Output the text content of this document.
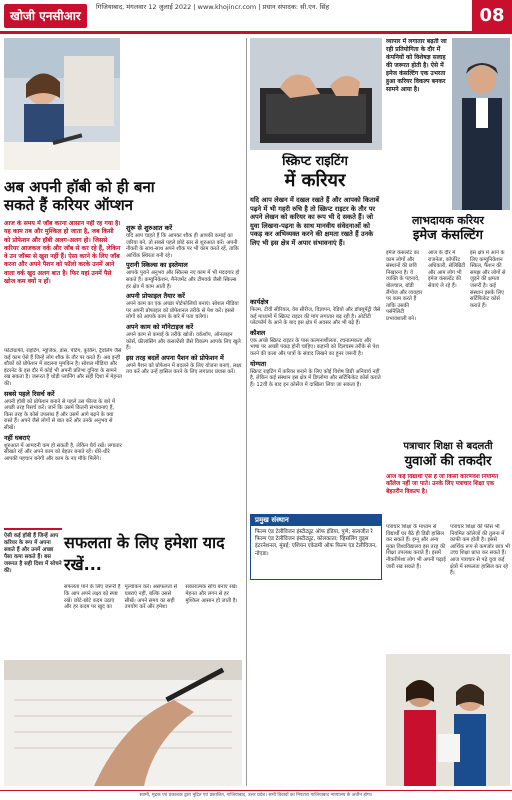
खोजी एनसीआर
गिजियाबाद, मंगलवार 12 जुलाई 2022 | www.khojincr.com | प्रधान संपादक: सी.एन. सिंह	08
अब अपनी हॉबी को ही बना
सकते हैं करियर ऑप्शन
आज के समय में जॉब करना आसान नहीं रह गया है। यह काम तब और मुश्किल हो जाता है, जब किसी को प्रोफेशन और हॉबी अलग-अलग हो। जिससे करियर आजकल वर्क और जॉब से कर रहे हैं, लेकिन वे उन जॉब्स से खुश नहीं हैं। ऐसा करने के लिए जॉब करना और अपने पैशन को फॉलो करके उनमें आने वाला वर्क खुद अलग बात है। फिर यहां उनमें पैसे खोज कम क्यों न हों।

फोटोग्राफी, राइटिंग, म्यूजिक, डांस, पेंटिंग, कुकिंग, ट्रैवलिंग जैसे कई काम ऐसे हैं जिन्हें लोग शौक के तौर पर करते हैं। अब इन्हीं शौकों को प्रोफेशन में बदलना मुमकिन है। सोशल मीडिया और इंटरनेट के इस दौर में कोई भी अपनी प्रतिभा दुनिया के सामने रख सकता है। जरूरत है थोड़ी प्लानिंग और सही दिशा में मेहनत की।

सबसे पहले रिसर्च करें

अपनी हॉबी को प्रोफेशन बनाने से पहले उस फील्ड के बारे में अच्छी तरह रिसर्च करें। जानें कि उसमें कितनी संभावनाएं हैं, किस तरह के कोर्स उपलब्ध हैं और उसमें आगे बढ़ने के क्या रास्ते हैं। अपने जैसे लोगों से बात करें और उनके अनुभव से सीखें।

नहीं घबराएं

शुरुआत में आमदनी कम हो सकती है, लेकिन धैर्य रखें। लगातार सीखते रहें और अपने काम को बेहतर बनाते रहें। धीरे-धीरे आपकी पहचान बनेगी और काम के नए मौके मिलेंगे।

शुरू से शुरुआत करें

यदि आप चाहते हैं कि आपका शौक ही आपकी कमाई का जरिया बने, तो सबसे पहले छोटे स्तर से शुरुआत करें। अपनी नौकरी के साथ-साथ अपने शौक पर भी काम करते रहें, ताकि आर्थिक स्थिरता बनी रहे।

पुरानी स्किल्स का इस्तेमाल

आपके पुराने अनुभव और स्किल्स नए काम में भी मददगार हो सकते हैं। कम्युनिकेशन, मैनेजमेंट और टीमवर्क जैसी स्किल्स हर क्षेत्र में काम आती हैं।

अपनी प्रोफाइल तैयार करें

अपने काम का एक अच्छा पोर्टफोलियो बनाएं। सोशल मीडिया पर अपनी प्रोफाइल को प्रोफेशनल तरीके से पेश करें। इससे लोगों को आपके काम के बारे में पता चलेगा।

अपने काम को मॉनेटाइज करें

अपने काम से कमाई के तरीके खोजें। वर्कशॉप, ऑनलाइन कोर्स, फ्रीलांसिंग और कंसल्टेंसी जैसे विकल्प आपके लिए खुले हैं।

इस तरह बदलें अपना पैशन को प्रोफेशन में

अपने पैशन को प्रोफेशन में बदलने के लिए योजना बनाएं, लक्ष्य तय करें और उन्हें हासिल करने के लिए लगातार प्रयास करें।

ऐसी कई हॉबी हैं जिन्हें आप करियर के रूप में अपना सकते हैं और उनमें अच्छा पैसा कमा सकते हैं। बस जरूरत है सही दिशा में सोचने की।
सफलता के लिए हमेशा याद रखें...
सफलता पाने के लिए जरूरी है कि आप अपने लक्ष्य को स्पष्ट रखें। छोटे-छोटे कदम उठाएं और हर कदम पर खुद का मूल्यांकन करें। असफलता से घबराएं नहीं, बल्कि उससे सीखें। अपने समय का सही उपयोग करें और हमेशा सकारात्मक सोच बनाए रखें। मेहनत और लगन से हर मुश्किल आसान हो जाती है।
स्क्रिप्ट राइटिंग
में करियर
यदि आप लेखन में दखल रखते हैं और आपको किताबें पढ़ने में भी गहरी रुचि है तो स्क्रिप्ट राइटर के तौर पर अपने लेखन को करियर का रूप भी दे सकते हैं। जो युवा लिखना-पढ़ना के साथ मानवीय संवेदनाओं को पकड़ कर अभिव्यक्त करने की क्षमता रखते हैं उनके लिए भी इस क्षेत्र में अपार संभावनाएं हैं।
कार्यक्षेत्र

फिल्म, टीवी सीरियल, वेब सीरीज, विज्ञापन, रेडियो और डॉक्यूमेंट्री जैसे कई माध्यमों में स्क्रिप्ट राइटर की मांग लगातार बढ़ रही है। ओटीटी प्लेटफॉर्म के आने के बाद इस क्षेत्र में अवसर और भी बढ़े हैं।

कौशल

एक अच्छे स्क्रिप्ट राइटर के पास कल्पनाशीलता, रचनात्मकता और भाषा पर अच्छी पकड़ होनी चाहिए। कहानी को दिलचस्प तरीके से पेश करने की कला और पात्रों के संवाद लिखने का हुनर जरूरी है।

योग्यता

स्क्रिप्ट राइटिंग में करियर बनाने के लिए कोई विशेष डिग्री अनिवार्य नहीं है, लेकिन कई संस्थान इस क्षेत्र में डिप्लोमा और सर्टिफिकेट कोर्स कराते हैं। 12वीं के बाद इन कोर्सेज में दाखिला लिया जा सकता है।

प्रमुख संस्थान
फिल्म एंड टेलीविजन इंस्टीट्यूट ऑफ इंडिया, पुणे; सत्यजीत रे फिल्म एंड टेलीविजन इंस्टीट्यूट, कोलकाता; व्हिसलिंग वुड्स इंटरनेशनल, मुंबई; एशियन एकेडमी ऑफ फिल्म एंड टेलीविजन, नोएडा।
व्यापार में लगातार बढ़ती जा रही प्रतियोगिता के दौर में कंपनियों को विशेषज्ञ सलाह की जरूरत होती है। ऐसे में इमेज कंसल्टिंग एक उभरता हुआ करियर विकल्प बनकर सामने आया है।
लाभदायक करियर
इमेज कंसल्टिंग
इमेज कंसल्टेंट का काम लोगों और संस्थानों की छवि निखारना है। वे व्यक्ति के पहनावे, बोलचाल, बॉडी लैंग्वेज और व्यवहार पर काम करते हैं ताकि उसकी पर्सनैलिटी प्रभावशाली बने।
आज के दौर में राजनेता, कॉर्पोरेट अधिकारी, सेलिब्रिटी और आम लोग भी इमेज कंसल्टेंट की सेवाएं ले रहे हैं।
इस क्षेत्र में आने के लिए कम्युनिकेशन स्किल, फैशन की समझ और लोगों से जुड़ने की क्षमता जरूरी है। कई संस्थान इसके लिए सर्टिफिकेट कोर्स कराते हैं।
पत्राचार शिक्षा से बदलती
युवाओं की तकदीर
आज कई विद्यार्थी ऐसे हैं जो किसी कारणवश नियमित कॉलेज नहीं जा पाते। उनके लिए पत्राचार शिक्षा एक बेहतरीन विकल्प है।
पत्राचार शिक्षा के माध्यम से विद्यार्थी घर बैठे ही डिग्री हासिल कर सकते हैं। इग्नू और अन्य मुक्त विश्वविद्यालय इस तरह की शिक्षा उपलब्ध कराते हैं। इसमें नौकरीपेशा लोग भी अपनी पढ़ाई जारी रख सकते हैं।
पत्राचार शिक्षा की फीस भी नियमित कॉलेजों की तुलना में काफी कम होती है। इससे आर्थिक रूप से कमजोर छात्र भी उच्च शिक्षा प्राप्त कर सकते हैं। आज पत्राचार से पढ़े युवा कई क्षेत्रों में सफलता हासिल कर रहे हैं।
स्वामी, मुद्रक एवं प्रकाशक द्वारा मुद्रित एवं प्रकाशित, गाजियाबाद, उत्तर प्रदेश। सभी विवादों का निपटारा गाजियाबाद न्यायालय के अधीन होगा।
